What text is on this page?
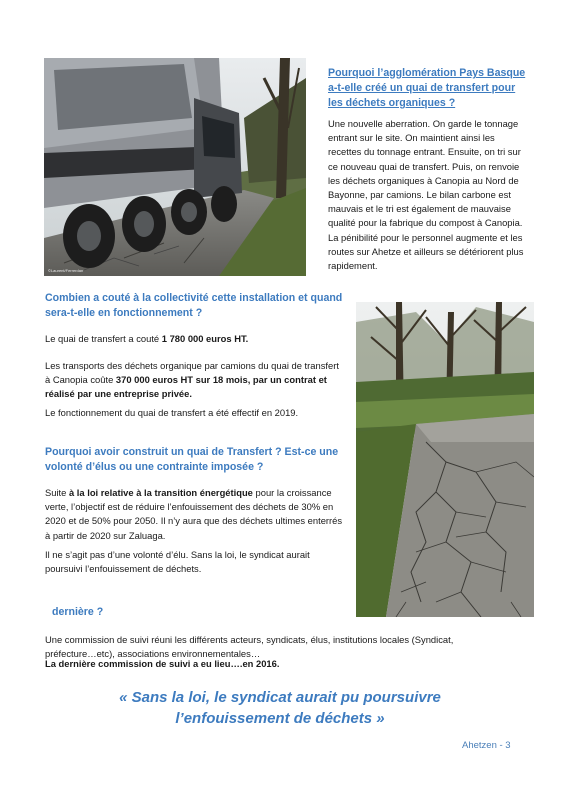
©Laurent/Ferrerdan
Pourquoi l’agglomération Pays Basque a-t-elle créé un quai de transfert pour les déchets organiques ?
Une nouvelle aberration. On garde le tonnage entrant sur le site. On maintient ainsi les recettes du tonnage entrant. Ensuite, on tri sur ce nouveau quai de transfert. Puis, on renvoie les déchets organiques à Canopia au Nord de Bayonne, par camions. Le bilan carbone est mauvais et le tri est également de mauvaise qualité pour la fabrique du compost à Canopia. La pénibilité pour le personnel augmente et les routes sur Ahetze et ailleurs se détériorent plus rapidement.
Combien a couté à la collectivité cette installation et quand sera-t-elle en fonctionnement ?
Le quai de transfert a couté 1 780 000 euros HT.
Les transports des déchets organique par camions du quai de transfert à Canopia coûte 370 000 euros HT sur 18 mois, par un contrat et réalisé par une entreprise privée.
Le fonctionnement du quai de transfert a été effectif en 2019.
Pourquoi avoir construit un quai de Transfert ? Est-ce une volonté d’élus ou une contrainte imposée ?
Suite à la loi relative à la transition énergétique pour la croissance verte, l’objectif est de réduire l’enfouissement des déchets de 30% en 2020 et de 50% pour 2050. Il n’y aura que des déchets ultimes enterrés à partir de 2020 sur Zaluaga.
Il ne s’agit pas d’une volonté d’élu. Sans la loi, le syndicat aurait poursuivi l’enfouissement de déchets.
dernière ?
Une commission de suivi réuni les différents acteurs, syndicats, élus, institutions locales (Syndicat, préfecture…etc), associations environnementales…
La dernière commission de suivi a eu lieu….en 2016.
« Sans la loi, le syndicat aurait pu poursuivre
l’enfouissement de déchets »
Ahetzen - 3
